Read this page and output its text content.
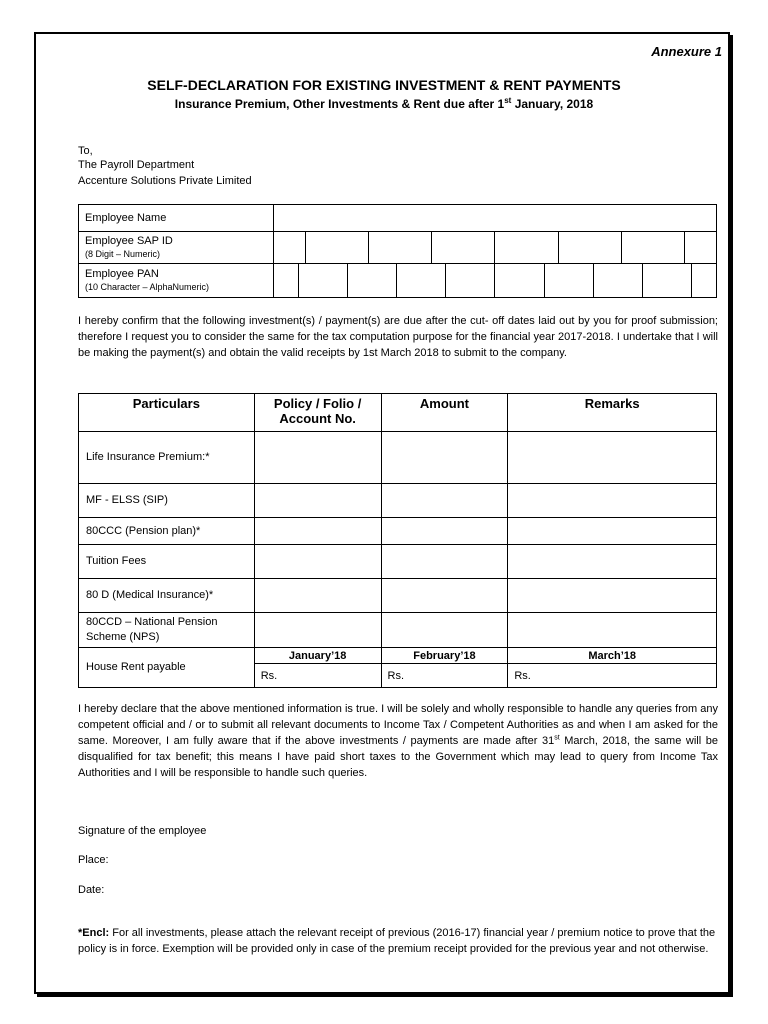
Annexure 1
SELF-DECLARATION FOR EXISTING INVESTMENT & RENT PAYMENTS
Insurance Premium, Other Investments & Rent due after 1st January, 2018
To,
The Payroll Department
Accenture Solutions Private Limited
Employee Name	

Employee SAP ID
(8 Digit – Numeric)	

Employee PAN
(10 Character – AlphaNumeric)	

I hereby confirm that the following investment(s) / payment(s) are due after the cut- off dates laid out by you for proof submission; therefore I request you to consider the same for the tax computation purpose for the financial year 2017-2018. I undertake that I will be making the payment(s) and obtain the valid receipts by 1st March 2018 to submit to the company.
Particulars	Policy / Folio / Account No.	Amount	Remarks
Life Insurance Premium:*			
MF - ELSS (SIP)			
80CCC (Pension plan)*			
Tuition Fees			
80 D (Medical Insurance)*			
80CCD – National Pension Scheme (NPS)			
House Rent payable	January’18	February’18	March’18
	Rs.	Rs.	Rs.
I hereby declare that the above mentioned information is true. I will be solely and wholly responsible to handle any queries from any competent official and / or to submit all relevant documents to Income Tax / Competent Authorities as and when I am asked for the same. Moreover, I am fully aware that if the above investments / payments are made after 31st March, 2018, the same will be disqualified for tax benefit; this means I have paid short taxes to the Government which may lead to query from Income Tax Authorities and I will be responsible to handle such queries.
Signature of the employee
Place:
Date:
*Encl: For all investments, please attach the relevant receipt of previous (2016-17) financial year / premium notice to prove that the policy is in force. Exemption will be provided only in case of the premium receipt provided for the previous year and not otherwise.
